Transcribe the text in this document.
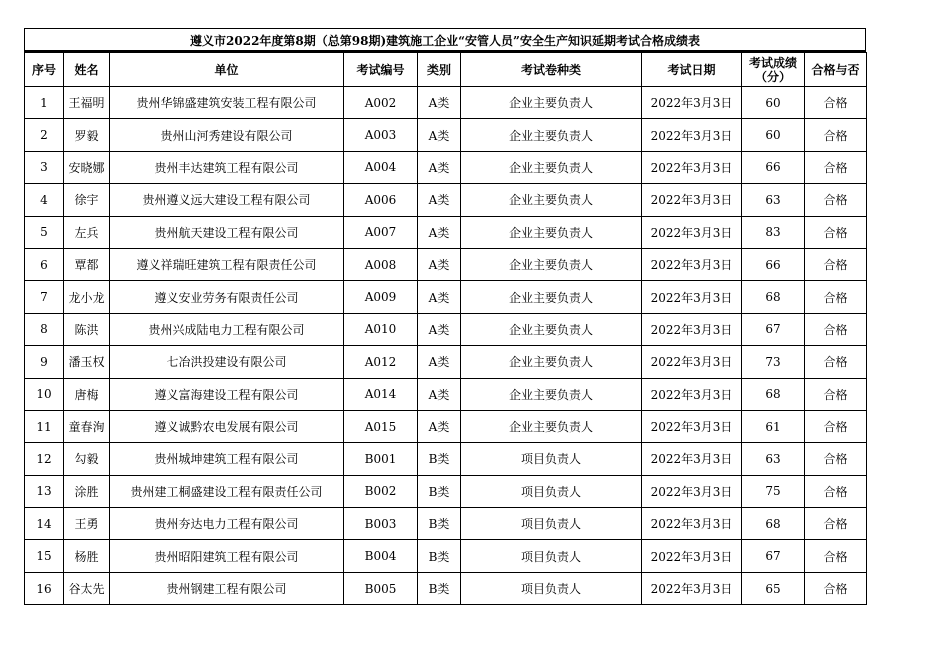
遵义市2022年度第8期（总第98期)建筑施工企业“安管人员”安全生产知识延期考试合格成绩表
序号	姓名	单位	考试编号	类别	考试卷种类	考试日期	考试成绩（分）	合格与否
1	王福明	贵州华锦盛建筑安装工程有限公司	A002	A类	企业主要负责人	2022年3月3日	60	合格
2	罗毅	贵州山河秀建设有限公司	A003	A类	企业主要负责人	2022年3月3日	60	合格
3	安晓娜	贵州丰达建筑工程有限公司	A004	A类	企业主要负责人	2022年3月3日	66	合格
4	徐宇	贵州遵义远大建设工程有限公司	A006	A类	企业主要负责人	2022年3月3日	63	合格
5	左兵	贵州航天建设工程有限公司	A007	A类	企业主要负责人	2022年3月3日	83	合格
6	覃都	遵义祥瑞旺建筑工程有限责任公司	A008	A类	企业主要负责人	2022年3月3日	66	合格
7	龙小龙	遵义安业劳务有限责任公司	A009	A类	企业主要负责人	2022年3月3日	68	合格
8	陈洪	贵州兴成陆电力工程有限公司	A010	A类	企业主要负责人	2022年3月3日	67	合格
9	潘玉权	七冶洪投建设有限公司	A012	A类	企业主要负责人	2022年3月3日	73	合格
10	唐梅	遵义富海建设工程有限公司	A014	A类	企业主要负责人	2022年3月3日	68	合格
11	童春洵	遵义诚黔农电发展有限公司	A015	A类	企业主要负责人	2022年3月3日	61	合格
12	勾毅	贵州城坤建筑工程有限公司	B001	B类	项目负责人	2022年3月3日	63	合格
13	涂胜	贵州建工桐盛建设工程有限责任公司	B002	B类	项目负责人	2022年3月3日	75	合格
14	王勇	贵州夯达电力工程有限公司	B003	B类	项目负责人	2022年3月3日	68	合格
15	杨胜	贵州昭阳建筑工程有限公司	B004	B类	项目负责人	2022年3月3日	67	合格
16	谷太先	贵州钢建工程有限公司	B005	B类	项目负责人	2022年3月3日	65	合格
